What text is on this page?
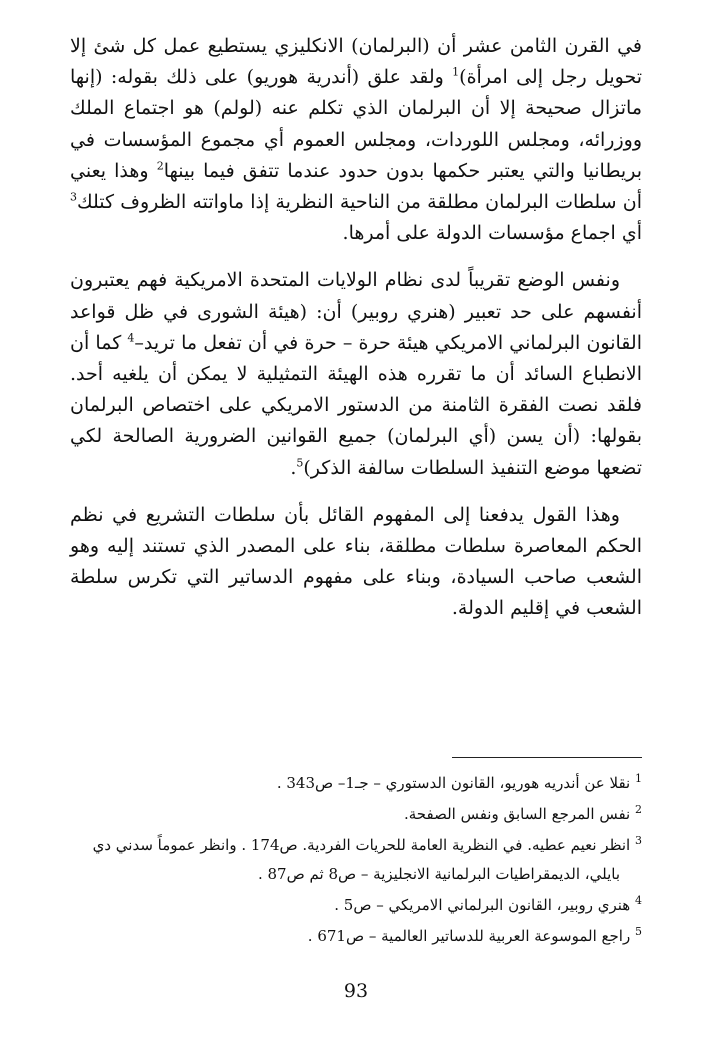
في القرن الثامن عشر أن (البرلمان) الانكليزي يستطيع عمل كل شئ إلا تحويل رجل إلى امرأة)$^1$ ولقد علق (أندرية هوريو) على ذلك بقوله: (إنها ماتزال صحيحة إلا أن البرلمان الذي تكلم عنه (لولم) هو اجتماع الملك ووزرائه، ومجلس اللوردات، ومجلس العموم أي مجموع المؤسسات في بريطانيا والتي يعتبر حكمها بدون حدود عندما تتفق فيما بينها$^2$ وهذا يعني أن سلطات البرلمان مطلقة من الناحية النظرية إذا ماواتته الظروف كتلك$^3$ أي اجماع مؤسسات الدولة على أمرها.

ونفس الوضع تقريباً لدى نظام الولايات المتحدة الامريكية فهم يعتبرون أنفسهم على حد تعبير (هنري روبير) أن: (هيئة الشورى في ظل قواعد القانون البرلماني الامريكي هيئة حرة – حرة في أن تفعل ما تريد–$^4$ كما أن الانطباع السائد أن ما تقرره هذه الهيئة التمثيلية لا يمكن أن يلغيه أحد. فلقد نصت الفقرة الثامنة من الدستور الامريكي على اختصاص البرلمان بقولها: (أن يسن (أي البرلمان) جميع القوانين الضرورية الصالحة لكي تضعها موضع التنفيذ السلطات سالفة الذكر)$^5$.

وهذا القول يدفعنا إلى المفهوم القائل بأن سلطات التشريع في نظم الحكم المعاصرة سلطات مطلقة، بناء على المصدر الذي تستند إليه وهو الشعب صاحب السيادة، وبناء على مفهوم الدساتير التي تكرس سلطة الشعب في إقليم الدولة.

$^1$ نقلا عن أندريه هوريو، القانون الدستوري – جـ1– ص343 .

$^2$ نفس المرجع السابق ونفس الصفحة.

$^3$ انظر نعيم عطيه. في النظرية العامة للحريات الفردية. ص174 . وانظر عموماً سدني دي
بايلي، الديمقراطيات البرلمانية الانجليزية – ص8 ثم ص87 .

$^4$ هنري روبير، القانون البرلماني الامريكي – ص5 .

$^5$ راجع الموسوعة العربية للدساتير العالمية – ص671 .

93
